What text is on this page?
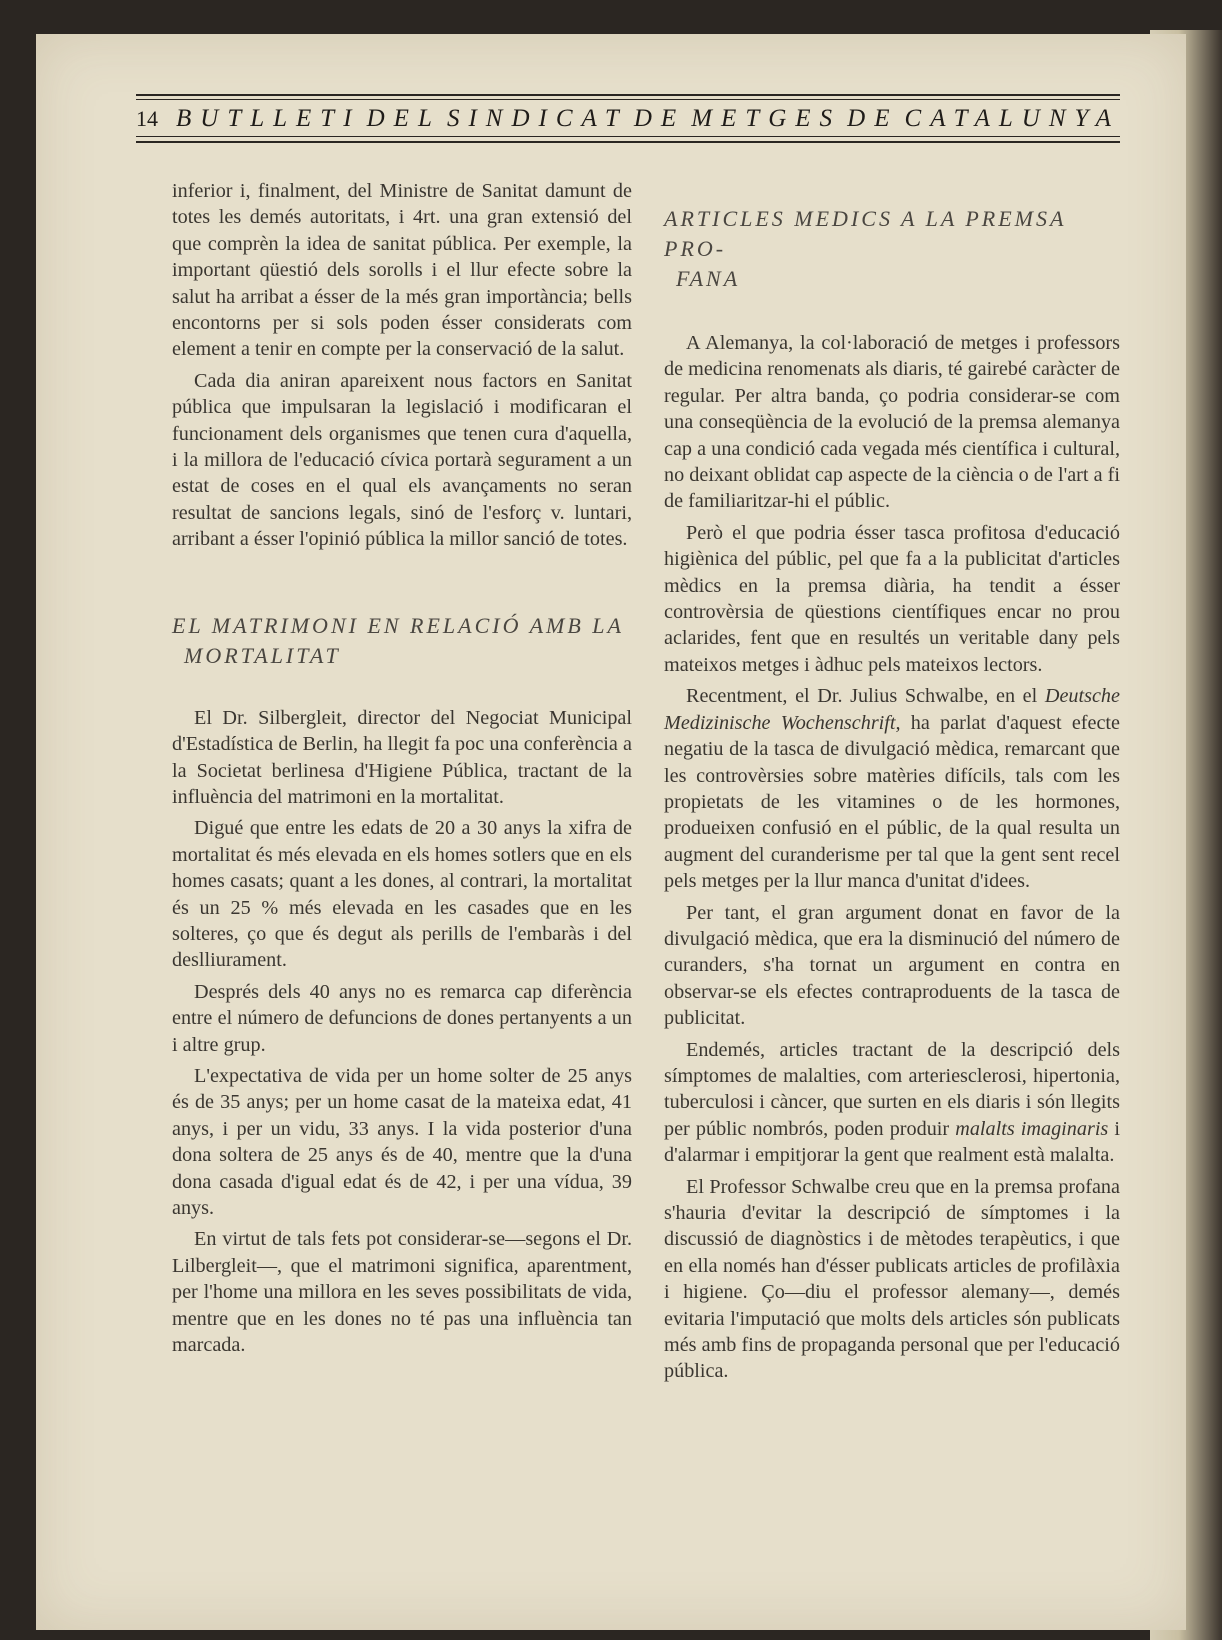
14 BUTLLETI DEL SINDICAT DE METGES DE CATALUNYA

inferior i, finalment, del Ministre de Sanitat damunt de totes les demés autoritats, i 4rt. una gran extensió del que comprèn la idea de sanitat pública. Per exemple, la important qüestió dels sorolls i el llur efecte sobre la salut ha arribat a ésser de la més gran importància; bells encontorns per si sols poden ésser considerats com element a tenir en compte per la conservació de la salut.

Cada dia aniran apareixent nous factors en Sanitat pública que impulsaran la legislació i modificaran el funcionament dels organismes que tenen cura d'aquella, i la millora de l'educació cívica portarà segurament a un estat de coses en el qual els avançaments no seran resultat de sancions legals, sinó de l'esforç v. luntari, arribant a ésser l'opinió pública la millor sanció de totes.

EL MATRIMONI EN RELACIÓ AMB LA
MORTALITAT

El Dr. Silbergleit, director del Negociat Municipal d'Estadística de Berlin, ha llegit fa poc una conferència a la Societat berlinesa d'Higiene Pública, tractant de la influència del matrimoni en la mortalitat.

Digué que entre les edats de 20 a 30 anys la xifra de mortalitat és més elevada en els homes sotlers que en els homes casats; quant a les dones, al contrari, la mortalitat és un 25 % més elevada en les casades que en les solteres, ço que és degut als perills de l'embaràs i del deslliurament.

Després dels 40 anys no es remarca cap diferència entre el número de defuncions de dones pertanyents a un i altre grup.

L'expectativa de vida per un home solter de 25 anys és de 35 anys; per un home casat de la mateixa edat, 41 anys, i per un vidu, 33 anys. I la vida posterior d'una dona soltera de 25 anys és de 40, mentre que la d'una dona casada d'igual edat és de 42, i per una vídua, 39 anys.

En virtut de tals fets pot considerar-se—segons el Dr. Lilbergleit—, que el matrimoni significa, aparentment, per l'home una millora en les seves possibilitats de vida, mentre que en les dones no té pas una influència tan marcada.

ARTICLES MEDICS A LA PREMSA PRO-
FANA

A Alemanya, la col·laboració de metges i professors de medicina renomenats als diaris, té gairebé caràcter de regular. Per altra banda, ço podria considerar-se com una conseqüència de la evolució de la premsa alemanya cap a una condició cada vegada més científica i cultural, no deixant oblidat cap aspecte de la ciència o de l'art a fi de familiaritzar-hi el públic.

Però el que podria ésser tasca profitosa d'educació higiènica del públic, pel que fa a la publicitat d'articles mèdics en la premsa diària, ha tendit a ésser controvèrsia de qüestions científiques encar no prou aclarides, fent que en resultés un veritable dany pels mateixos metges i àdhuc pels mateixos lectors.

Recentment, el Dr. Julius Schwalbe, en el Deutsche Medizinische Wochenschrift, ha parlat d'aquest efecte negatiu de la tasca de divulgació mèdica, remarcant que les controvèrsies sobre matèries difícils, tals com les propietats de les vitamines o de les hormones, produeixen confusió en el públic, de la qual resulta un augment del curanderisme per tal que la gent sent recel pels metges per la llur manca d'unitat d'idees.

Per tant, el gran argument donat en favor de la divulgació mèdica, que era la disminució del número de curanders, s'ha tornat un argument en contra en observar-se els efectes contraproduents de la tasca de publicitat.

Endemés, articles tractant de la descripció dels símptomes de malalties, com arteriesclerosi, hipertonia, tuberculosi i càncer, que surten en els diaris i són llegits per públic nombrós, poden produir malalts imaginaris i d'alarmar i empitjorar la gent que realment està malalta.

El Professor Schwalbe creu que en la premsa profana s'hauria d'evitar la descripció de símptomes i la discussió de diagnòstics i de mètodes terapèutics, i que en ella només han d'ésser publicats articles de profilàxia i higiene. Ço—diu el professor alemany—, demés evitaria l'imputació que molts dels articles són publicats més amb fins de propaganda personal que per l'educació pública.
